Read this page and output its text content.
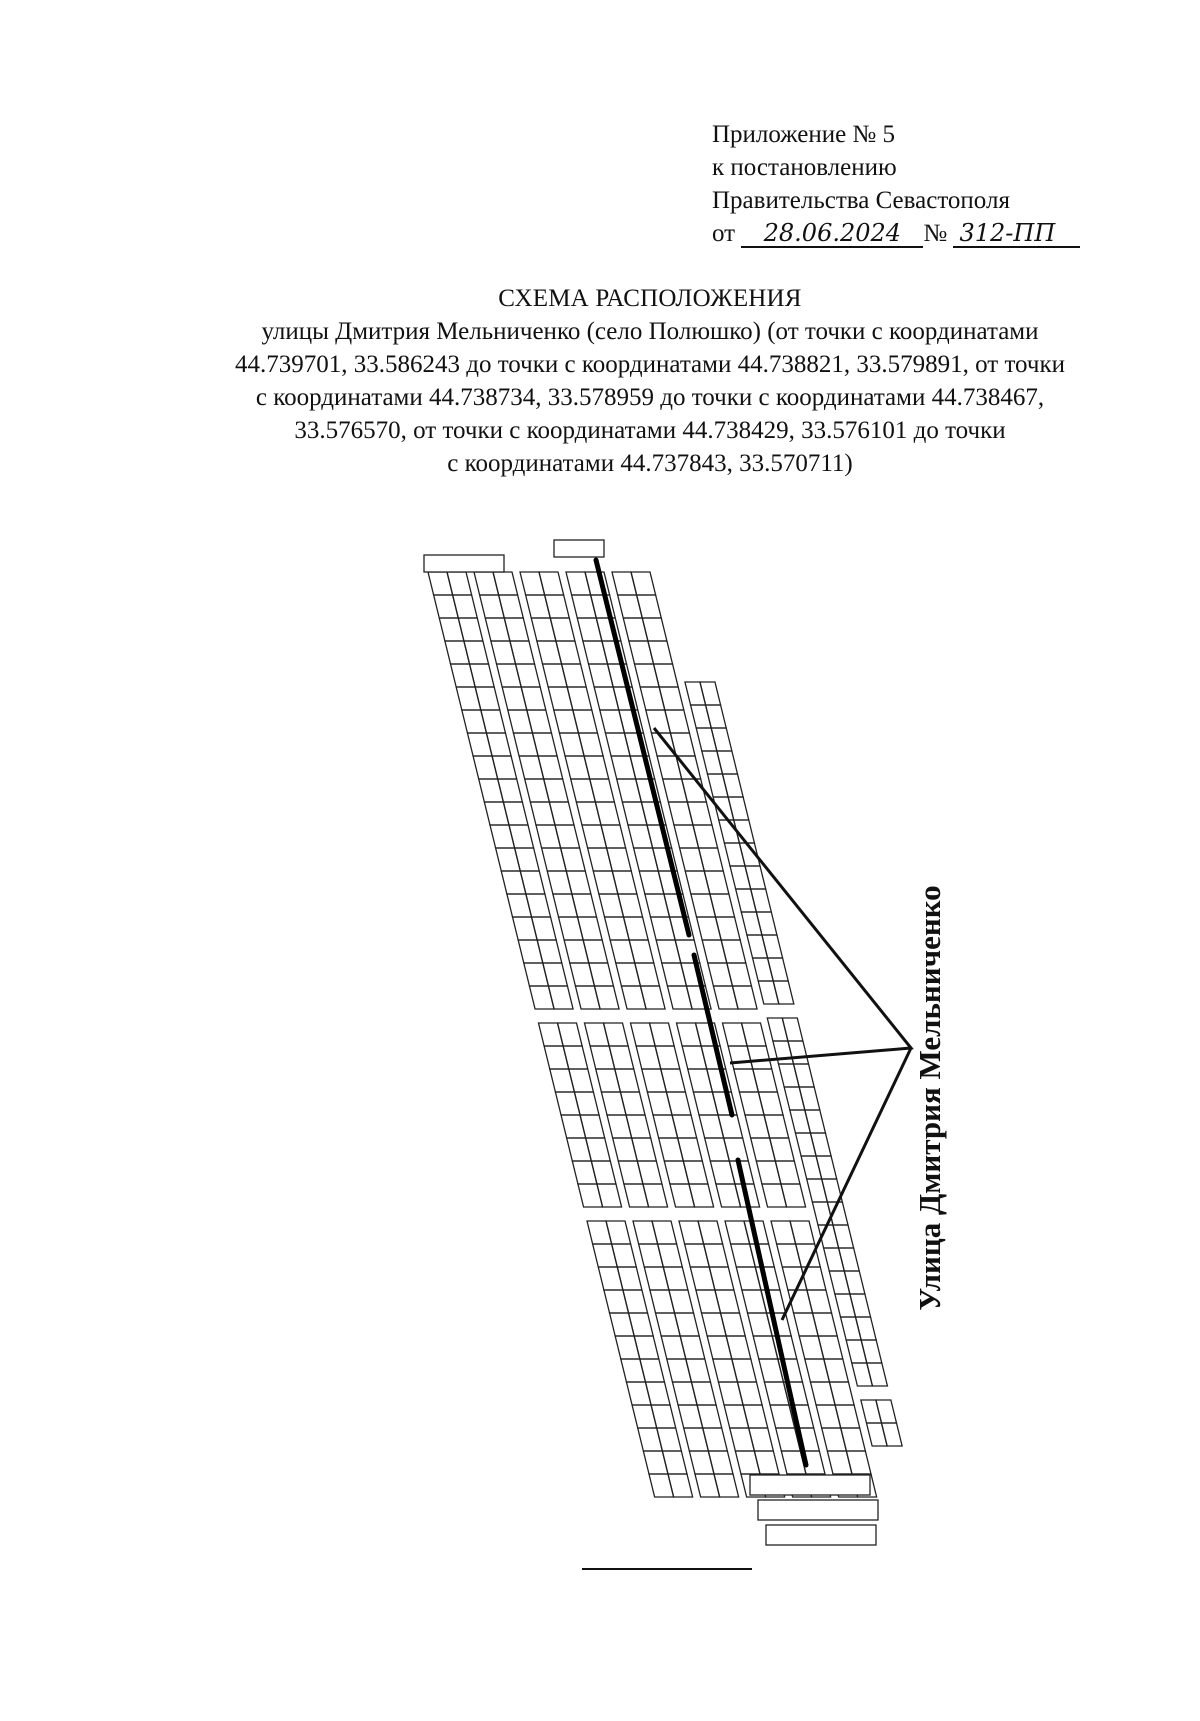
Приложение № 5
к постановлению
Правительства Севастополя
от 28.06.2024 № 312-ПП
СХЕМА РАСПОЛОЖЕНИЯ
улицы Дмитрия Мельниченко (село Полюшко) (от точки с координатами
44.739701, 33.586243 до точки с координатами 44.738821, 33.579891, от точки
с координатами 44.738734, 33.578959 до точки с координатами 44.738467,
33.576570, от точки с координатами 44.738429, 33.576101 до точки
с координатами 44.737843, 33.570711)
Улица Дмитрия Мельниченко
